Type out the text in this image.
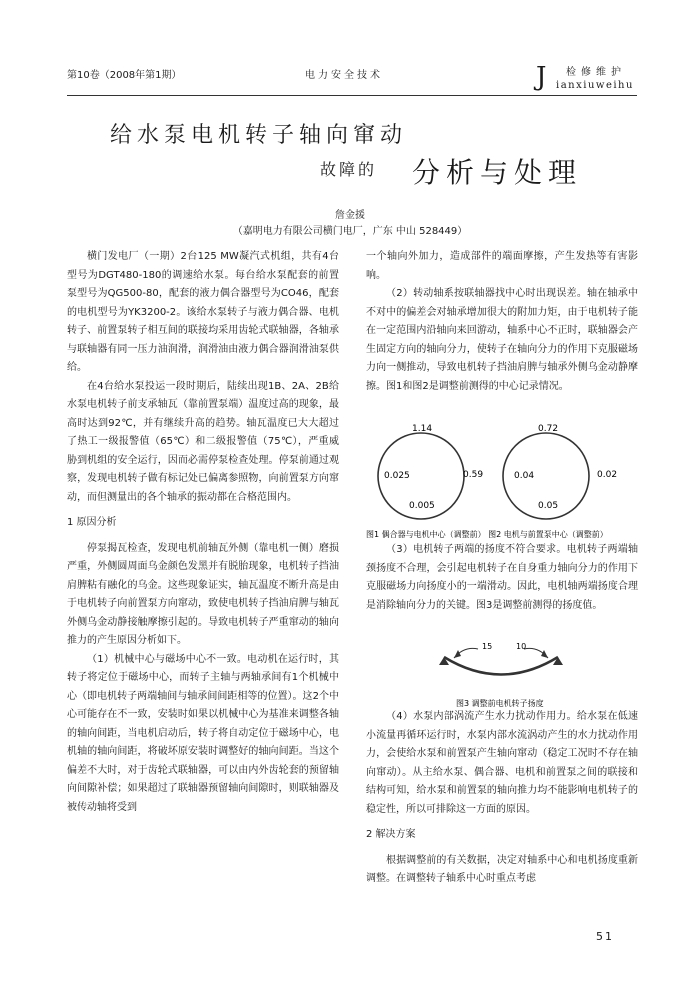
第10卷（2008年第1期）	电力安全技术	J 检修维护
ianxiuweihu
给水泵电机转子轴向窜动
故障的 分析与处理
詹金援
（嘉明电力有限公司横门电厂，广东 中山 528449）

横门发电厂（一期）2台125 MW凝汽式机组，共有4台型号为DGT480-180的调速给水泵。每台给水泵配套的前置泵型号为QG500-80，配套的液力偶合器型号为CO46，配套的电机型号为YK3200-2。该给水泵转子与液力偶合器、电机转子、前置泵转子相互间的联接均采用齿轮式联轴器，各轴承与联轴器有同一压力油润滑，润滑油由液力偶合器润滑油泵供给。

在4台给水泵投运一段时期后，陆续出现1B、2A、2B给水泵电机转子前支承轴瓦（靠前置泵端）温度过高的现象，最高时达到92℃，并有继续升高的趋势。轴瓦温度已大大超过了热工一级报警值（65℃）和二级报警值（75℃），严重威胁到机组的安全运行，因而必需停泵检查处理。停泵前通过观察，发现电机转子做有标记处已偏离参照物，向前置泵方向窜动，而但测量出的各个轴承的振动都在合格范围内。

1 原因分析

停泵揭瓦检查，发现电机前轴瓦外侧（靠电机一侧）磨损严重，外侧圆周面乌金颜色发黑并有脱胎现象，电机转子挡油肩脾粘有融化的乌金。这些现象证实，轴瓦温度不断升高是由于电机转子向前置泵方向窜动，致使电机转子挡油肩脾与轴瓦外侧乌金动静接触摩擦引起的。导致电机转子严重窜动的轴向推力的产生原因分析如下。

（1）机械中心与磁场中心不一致。电动机在运行时，其转子将定位于磁场中心，而转子主轴与两轴承间有1个机械中心（即电机转子两端轴间与轴承间间距相等的位置）。这2个中心可能存在不一致，安装时如果以机械中心为基准来调整各轴的轴向间距，当电机启动后，转子将自动定位于磁场中心，电机轴的轴向间距，将破坏原安装时调整好的轴向间距。当这个偏差不大时，对于齿轮式联轴器，可以由内外齿轮套的预留轴向间隙补偿；如果超过了联轴器预留轴向间隙时，则联轴器及被传动轴将受到

一个轴向外加力，造成部件的端面摩擦，产生发热等有害影响。

（2）转动轴系按联轴器找中心时出现误差。轴在轴承中不对中的偏差会对轴承增加很大的附加力矩，由于电机转子能在一定范围内沿轴向来回游动，轴系中心不正时，联轴器会产生固定方向的轴向分力，使转子在轴向分力的作用下克服磁场力向一侧推动，导致电机转子挡油肩脾与轴承外侧乌金动静摩擦。图1和图2是调整前测得的中心记录情况。

1.14
0.025	0.59
0.005
0.72
0.04	0.02
0.05
图1 偶合器与电机中心（调整前） 图2 电机与前置泵中心（调整前）

（3）电机转子两端的扬度不符合要求。电机转子两端轴颈扬度不合理，会引起电机转子在自身重力轴向分力的作用下克服磁场力向扬度小的一端滑动。因此，电机轴两端扬度合理是消除轴向分力的关键。图3是调整前测得的扬度值。

15	10
图3 调整前电机转子扬度

（4）水泵内部涡流产生水力扰动作用力。给水泵在低速小流量再循环运行时，水泵内部水流涡动产生的水力扰动作用力，会使给水泵和前置泵产生轴向窜动（稳定工况时不存在轴向窜动）。从主给水泵、偶合器、电机和前置泵之间的联接和结构可知，给水泵和前置泵的轴向推力均不能影响电机转子的稳定性，所以可排除这一方面的原因。

2 解决方案

根据调整前的有关数据，决定对轴系中心和电机扬度重新调整。在调整转子轴系中心时重点考虑

51
